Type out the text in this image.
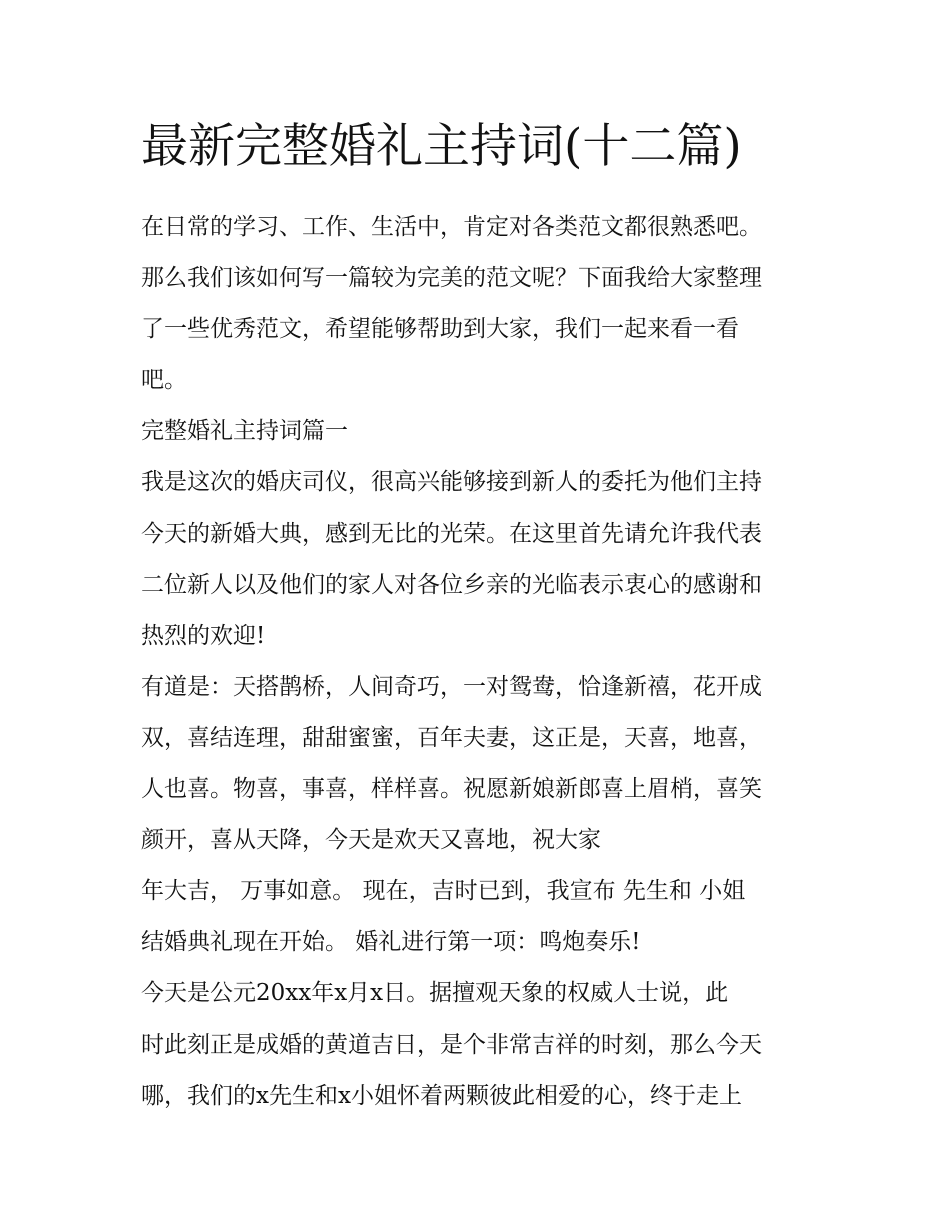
最新完整婚礼主持词(十二篇)
在日常的学习、工作、生活中，肯定对各类范文都很熟悉吧。
那么我们该如何写一篇较为完美的范文呢？下面我给大家整理
了一些优秀范文，希望能够帮助到大家，我们一起来看一看
吧。
完整婚礼主持词篇一
我是这次的婚庆司仪，很高兴能够接到新人的委托为他们主持
今天的新婚大典，感到无比的光荣。在这里首先请允许我代表
二位新人以及他们的家人对各位乡亲的光临表示衷心的感谢和
热烈的欢迎!
有道是：天搭鹊桥，人间奇巧，一对鸳鸯，恰逢新禧，花开成
双，喜结连理，甜甜蜜蜜，百年夫妻，这正是，天喜，地喜，
人也喜。物喜，事喜，样样喜。祝愿新娘新郎喜上眉梢，喜笑
颜开，喜从天降，今天是欢天又喜地，祝大家
年大吉， 万事如意。 现在，吉时已到，我宣布 先生和 小姐
结婚典礼现在开始。 婚礼进行第一项：鸣炮奏乐!
今天是公元20xx年x月x日。据擅观天象的权威人士说，此
时此刻正是成婚的黄道吉日，是个非常吉祥的时刻，那么今天
哪，我们的x先生和x小姐怀着两颗彼此相爱的心，终于走上
